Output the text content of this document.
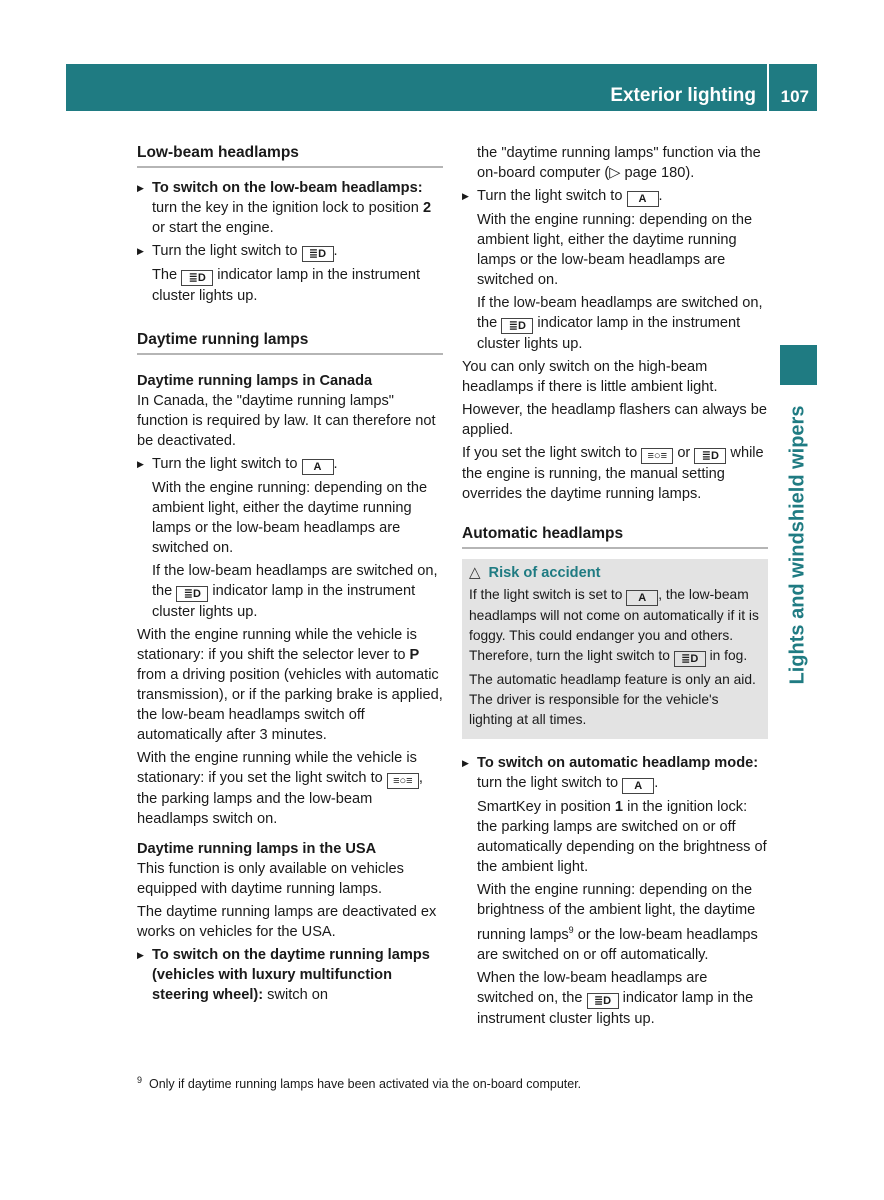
Exterior lighting 107
Lights and windshield wipers
Low-beam headlamps
▶ To switch on the low-beam headlamps: turn the key in the ignition lock to position 2 or start the engine.
▶ Turn the light switch to ≣D .
The ≣D indicator lamp in the instrument cluster lights up.
Daytime running lamps
Daytime running lamps in Canada

In Canada, the "daytime running lamps" function is required by law. It can therefore not be deactivated.

▶ Turn the light switch to A .
With the engine running: depending on the ambient light, either the daytime running lamps or the low-beam headlamps are switched on.
If the low-beam headlamps are switched on, the ≣D indicator lamp in the instrument cluster lights up.

With the engine running while the vehicle is stationary: if you shift the selector lever to P from a driving position (vehicles with automatic transmission), or if the parking brake is applied, the low-beam headlamps switch off automatically after 3 minutes.

With the engine running while the vehicle is stationary: if you set the light switch to ≡○≡ , the parking lamps and the low-beam headlamps switch on.

Daytime running lamps in the USA

This function is only available on vehicles equipped with daytime running lamps.

The daytime running lamps are deactivated ex works on vehicles for the USA.

▶ To switch on the daytime running lamps (vehicles with luxury multifunction steering wheel): switch on
the "daytime running lamps" function via the on-board computer (▷ page 180).
▶ Turn the light switch to A .
With the engine running: depending on the ambient light, either the daytime running lamps or the low-beam headlamps are switched on.
If the low-beam headlamps are switched on, the ≣D indicator lamp in the instrument cluster lights up.

You can only switch on the high-beam headlamps if there is little ambient light.

However, the headlamp flashers can always be applied.

If you set the light switch to ≡○≡ or ≣D while the engine is running, the manual setting overrides the daytime running lamps.

Automatic headlamps
△ Risk of accident

If the light switch is set to A , the low-beam headlamps will not come on automatically if it is foggy. This could endanger you and others. Therefore, turn the light switch to ≣D in fog.

The automatic headlamp feature is only an aid. The driver is responsible for the vehicle's lighting at all times.

▶ To switch on automatic headlamp mode: turn the light switch to A .
SmartKey in position 1 in the ignition lock: the parking lamps are switched on or off automatically depending on the brightness of the ambient light.
With the engine running: depending on the brightness of the ambient light, the daytime running lamps$^9$ or the low-beam headlamps are switched on or off automatically.
When the low-beam headlamps are switched on, the ≣D indicator lamp in the instrument cluster lights up.
$^9$ Only if daytime running lamps have been activated via the on-board computer.
